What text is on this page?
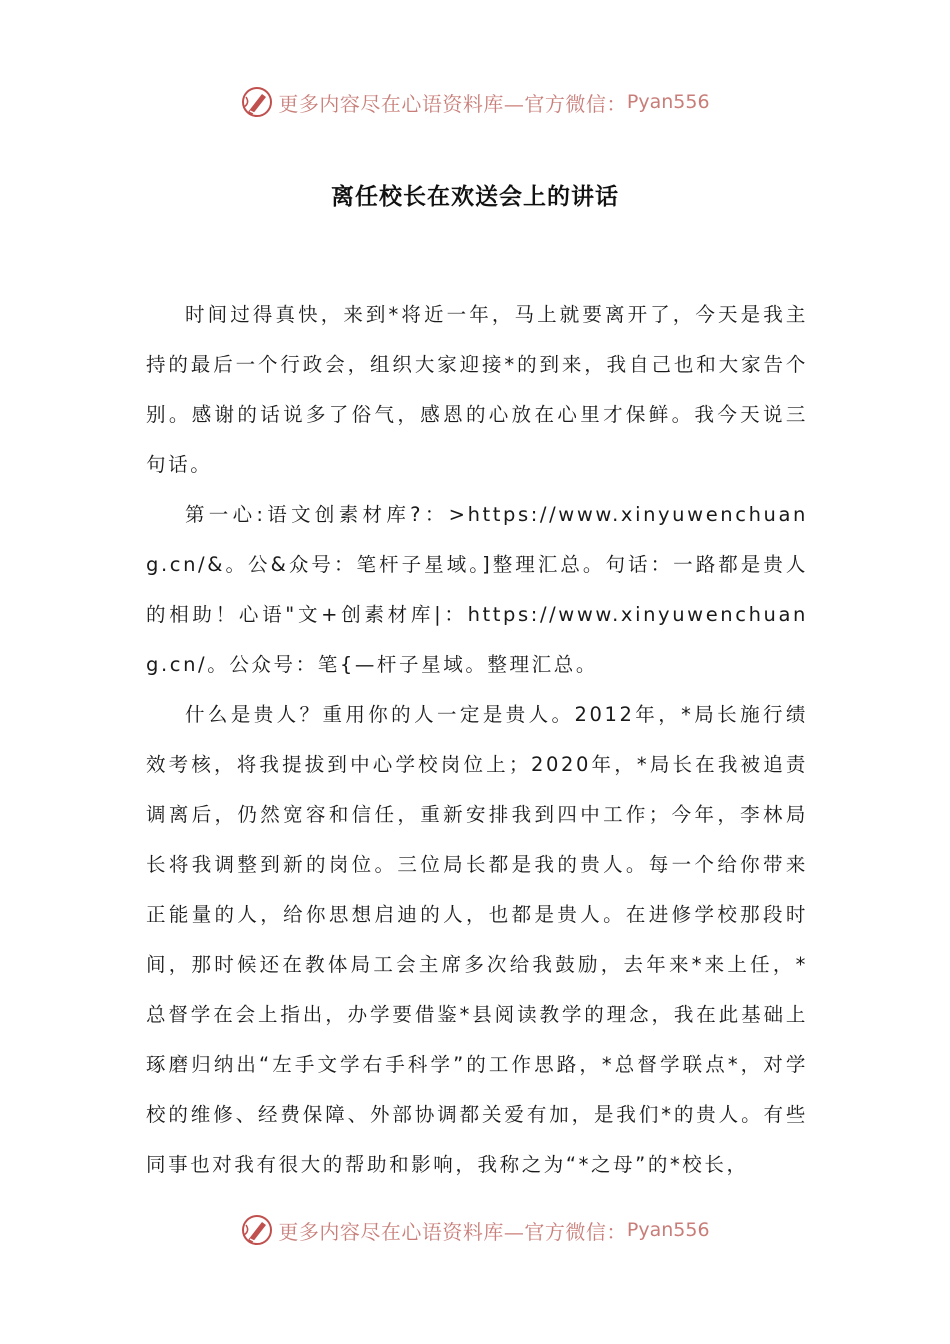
更多内容尽在心语资料库—官方微信： Pyan556
离任校长在欢送会上的讲话

时间过得真快，来到*将近一年，马上就要离开了，今天是我主持的最后一个行政会，组织大家迎接*的到来，我自己也和大家告个别。感谢的话说多了俗气，感恩的心放在心里才保鲜。我今天说三句话。

第一心:语文创素材库?：>https://www.xinyuwenchuang.cn/&。公&众号：笔杆子星域。]整理汇总。句话：一路都是贵人的相助！心语"文+创素材库|：https://www.xinyuwenchuang.cn/。公众号：笔{—杆子星域。整理汇总。

什么是贵人？重用你的人一定是贵人。2012年，*局长施行绩效考核，将我提拔到中心学校岗位上；2020年，*局长在我被追责调离后，仍然宽容和信任，重新安排我到四中工作；今年，李林局长将我调整到新的岗位。三位局长都是我的贵人。每一个给你带来正能量的人，给你思想启迪的人，也都是贵人。在进修学校那段时间，那时候还在教体局工会主席多次给我鼓励，去年来*来上任，*总督学在会上指出，办学要借鉴*县阅读教学的理念，我在此基础上琢磨归纳出“左手文学右手科学”的工作思路，*总督学联点*，对学校的维修、经费保障、外部协调都关爱有加，是我们*的贵人。有些同事也对我有很大的帮助和影响，我称之为“*之母”的*校长，

更多内容尽在心语资料库—官方微信： Pyan556
